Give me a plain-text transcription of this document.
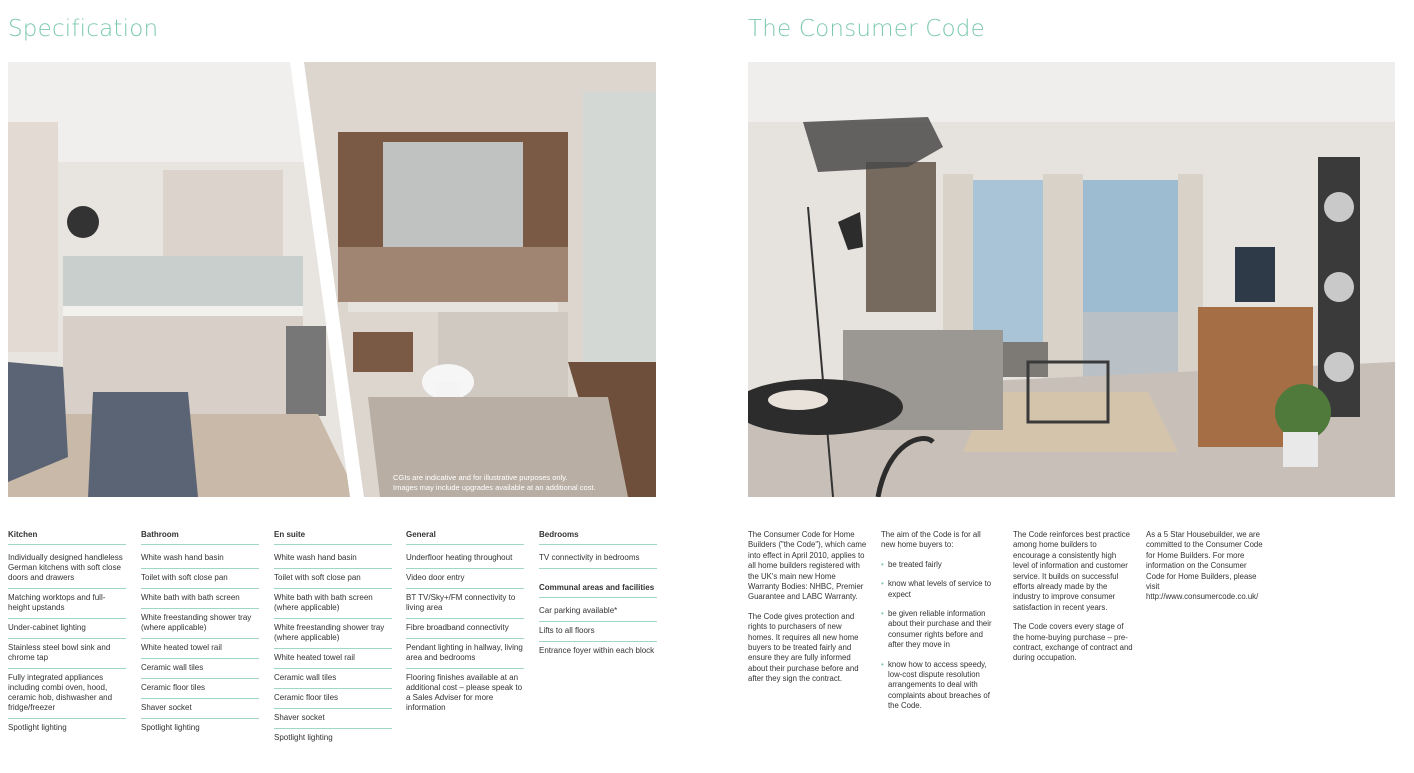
Specification	The Consumer Code
CGIs are indicative and for illustrative purposes only.
Images may include upgrades available at an additional cost.
Kitchen
Individually designed handleless German kitchens with soft close doors and drawers
Matching worktops and full-height upstands
Under-cabinet lighting
Stainless steel bowl sink and chrome tap
Fully integrated appliances including combi oven, hood, ceramic hob, dishwasher and fridge/freezer
Spotlight lighting
Bathroom
White wash hand basin
Toilet with soft close pan
White bath with bath screen
White freestanding shower tray (where applicable)
White heated towel rail
Ceramic wall tiles
Ceramic floor tiles
Shaver socket
Spotlight lighting
En suite
White wash hand basin
Toilet with soft close pan
White bath with bath screen (where applicable)
White freestanding shower tray (where applicable)
White heated towel rail
Ceramic wall tiles
Ceramic floor tiles
Shaver socket
Spotlight lighting
General
Underfloor heating throughout
Video door entry
BT TV/Sky+/FM connectivity to living area
Fibre broadband connectivity
Pendant lighting in hallway, living area and bedrooms
Flooring finishes available at an additional cost – please speak to a Sales Adviser for more information
Bedrooms
TV connectivity in bedrooms
Communal areas and facilities
Car parking available*
Lifts to all floors
Entrance foyer within each block

The Consumer Code for Home Builders ("the Code"), which came into effect in April 2010, applies to all home builders registered with the UK's main new Home Warranty Bodies: NHBC, Premier Guarantee and LABC Warranty.

The Code gives protection and rights to purchasers of new homes. It requires all new home buyers to be treated fairly and ensure they are fully informed about their purchase before and after they sign the contract.

The aim of the Code is for all new home buyers to:

• be treated fairly
• know what levels of service to expect
• be given reliable information about their purchase and their consumer rights before and after they move in
• know how to access speedy, low-cost dispute resolution arrangements to deal with complaints about breaches of the Code.

The Code reinforces best practice among home builders to encourage a consistently high level of information and customer service. It builds on successful efforts already made by the industry to improve consumer satisfaction in recent years.

The Code covers every stage of the home-buying purchase – pre-contract, exchange of contract and during occupation.

As a 5 Star Housebuilder, we are committed to the Consumer Code for Home Builders. For more information on the Consumer Code for Home Builders, please visit http://www.consumercode.co.uk/
